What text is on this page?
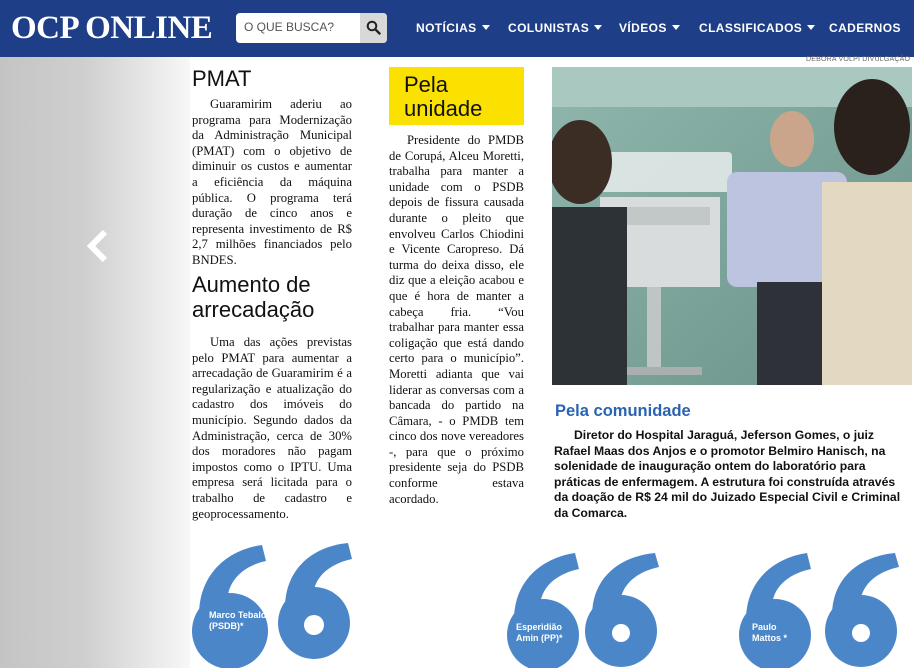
OCP ONLINE	O QUE BUSCA?	NOTÍCIAS	COLUNISTAS	VÍDEOS	CLASSIFICADOS	CADERNOS
DEBORA VOLPI DIVULGAÇÃO
PMAT
Guaramirim aderiu ao programa para Modernização da Administração Municipal (PMAT) com o objetivo de diminuir os custos e aumentar a eficiência da máquina pública. O programa terá duração de cinco anos e representa investimento de R$ 2,7 milhões financiados pelo BNDES.
Aumento de arrecadação
Uma das ações previstas pelo PMAT para aumentar a arrecadação de Guaramirim é a regularização e atualização do cadastro dos imóveis do município. Segundo dados da Administração, cerca de 30% dos moradores não pagam impostos como o IPTU. Uma empresa será licitada para o trabalho de cadastro e geoprocessamento.
Pela unidade
Presidente do PMDB de Corupá, Alceu Moretti, trabalha para manter a unidade com o PSDB depois de fissura causada durante o pleito que envolveu Carlos Chiodini e Vicente Caropreso. Dá turma do deixa disso, ele diz que a eleição acabou e que é hora de manter a cabeça fria. “Vou trabalhar para manter essa coligação que está dando certo para o município”. Moretti adianta que vai liderar as conversas com a bancada do partido na Câmara, - o PMDB tem cinco dos nove vereadores -, para que o próximo presidente seja do PSDB conforme estava acordado.
Pela comunidade
Diretor do Hospital Jaraguá, Jeferson Gomes, o juiz Rafael Maas dos Anjos e o promotor Belmiro Hanisch, na solenidade de inauguração ontem do laboratório para práticas de enfermagem. A estrutura foi construída através da doação de R$ 24 mil do Juizado Especial Civil e Criminal da Comarca.
Marco Tebaldi (PSDB)*	Esperidião Amin (PP)*
Paulo Mattos *
